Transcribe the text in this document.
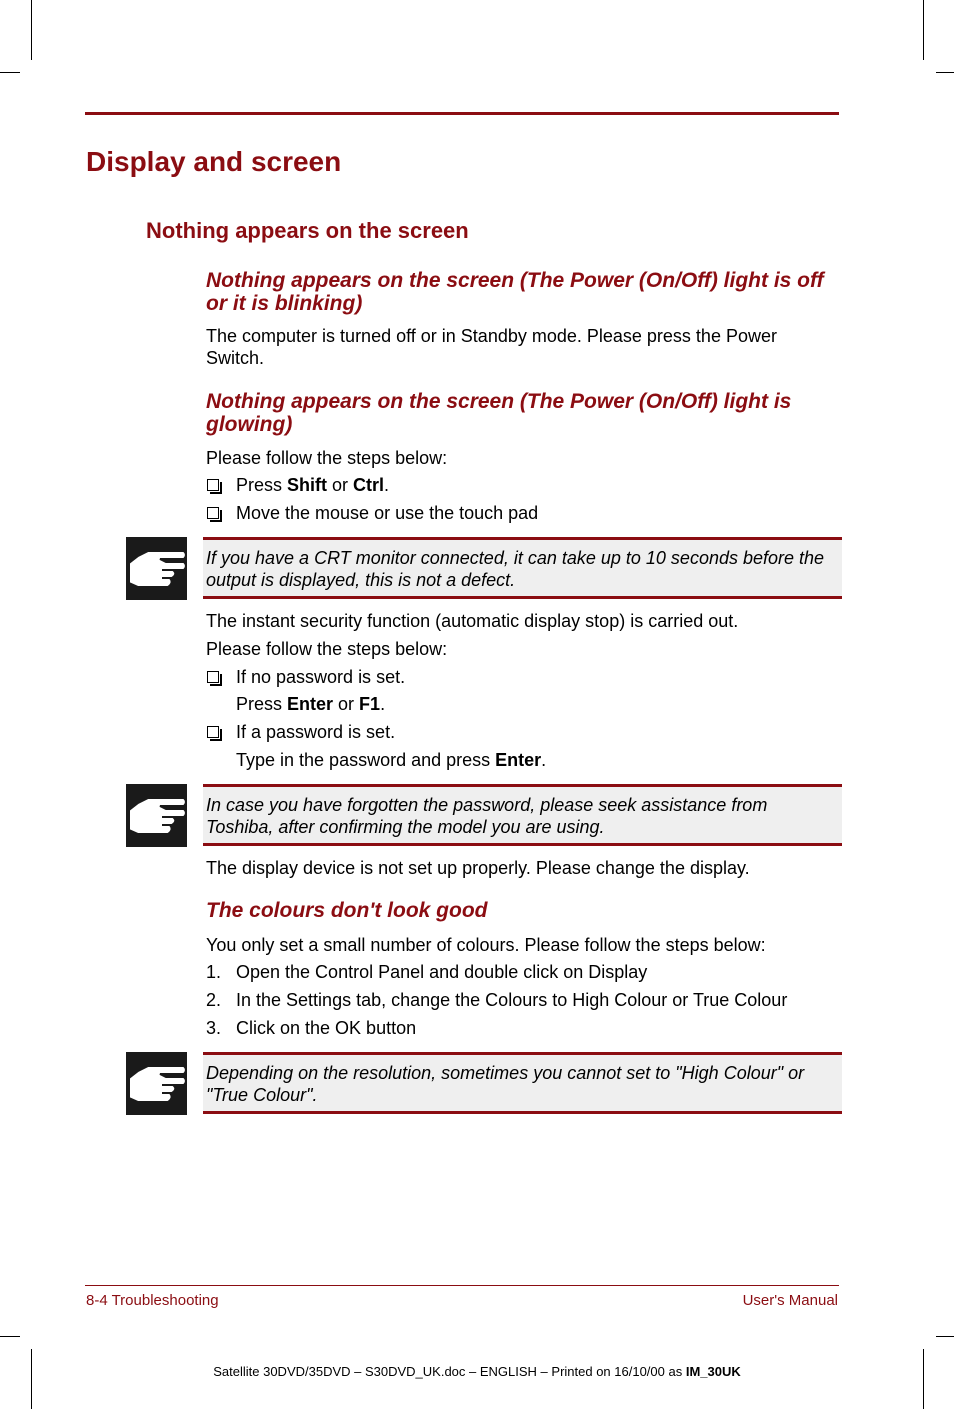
Display and screen
Nothing appears on the screen
Nothing appears on the screen (The Power (On/Off) light is off or it is blinking)
The computer is turned off or in Standby mode. Please press the Power Switch.
Nothing appears on the screen (The Power (On/Off) light is glowing)
Please follow the steps below:
Press Shift or Ctrl.
Move the mouse or use the touch pad
If you have a CRT monitor connected, it can take up to 10 seconds before the output is displayed, this is not a defect.
The instant security function (automatic display stop) is carried out.
Please follow the steps below:
If no password is set.
Press Enter or F1.
If a password is set.
Type in the password and press Enter.
In case you have forgotten the password, please seek assistance from Toshiba, after confirming the model you are using.
The display device is not set up properly. Please change the display.
The colours don't look good
You only set a small number of colours. Please follow the steps below:
1. Open the Control Panel and double click on Display
2. In the Settings tab, change the Colours to High Colour or True Colour
3. Click on the OK button
Depending on the resolution, sometimes you cannot set to "High Colour" or "True Colour".
8-4 Troubleshooting	User's Manual
Satellite 30DVD/35DVD – S30DVD_UK.doc – ENGLISH – Printed on 16/10/00 as IM_30UK
